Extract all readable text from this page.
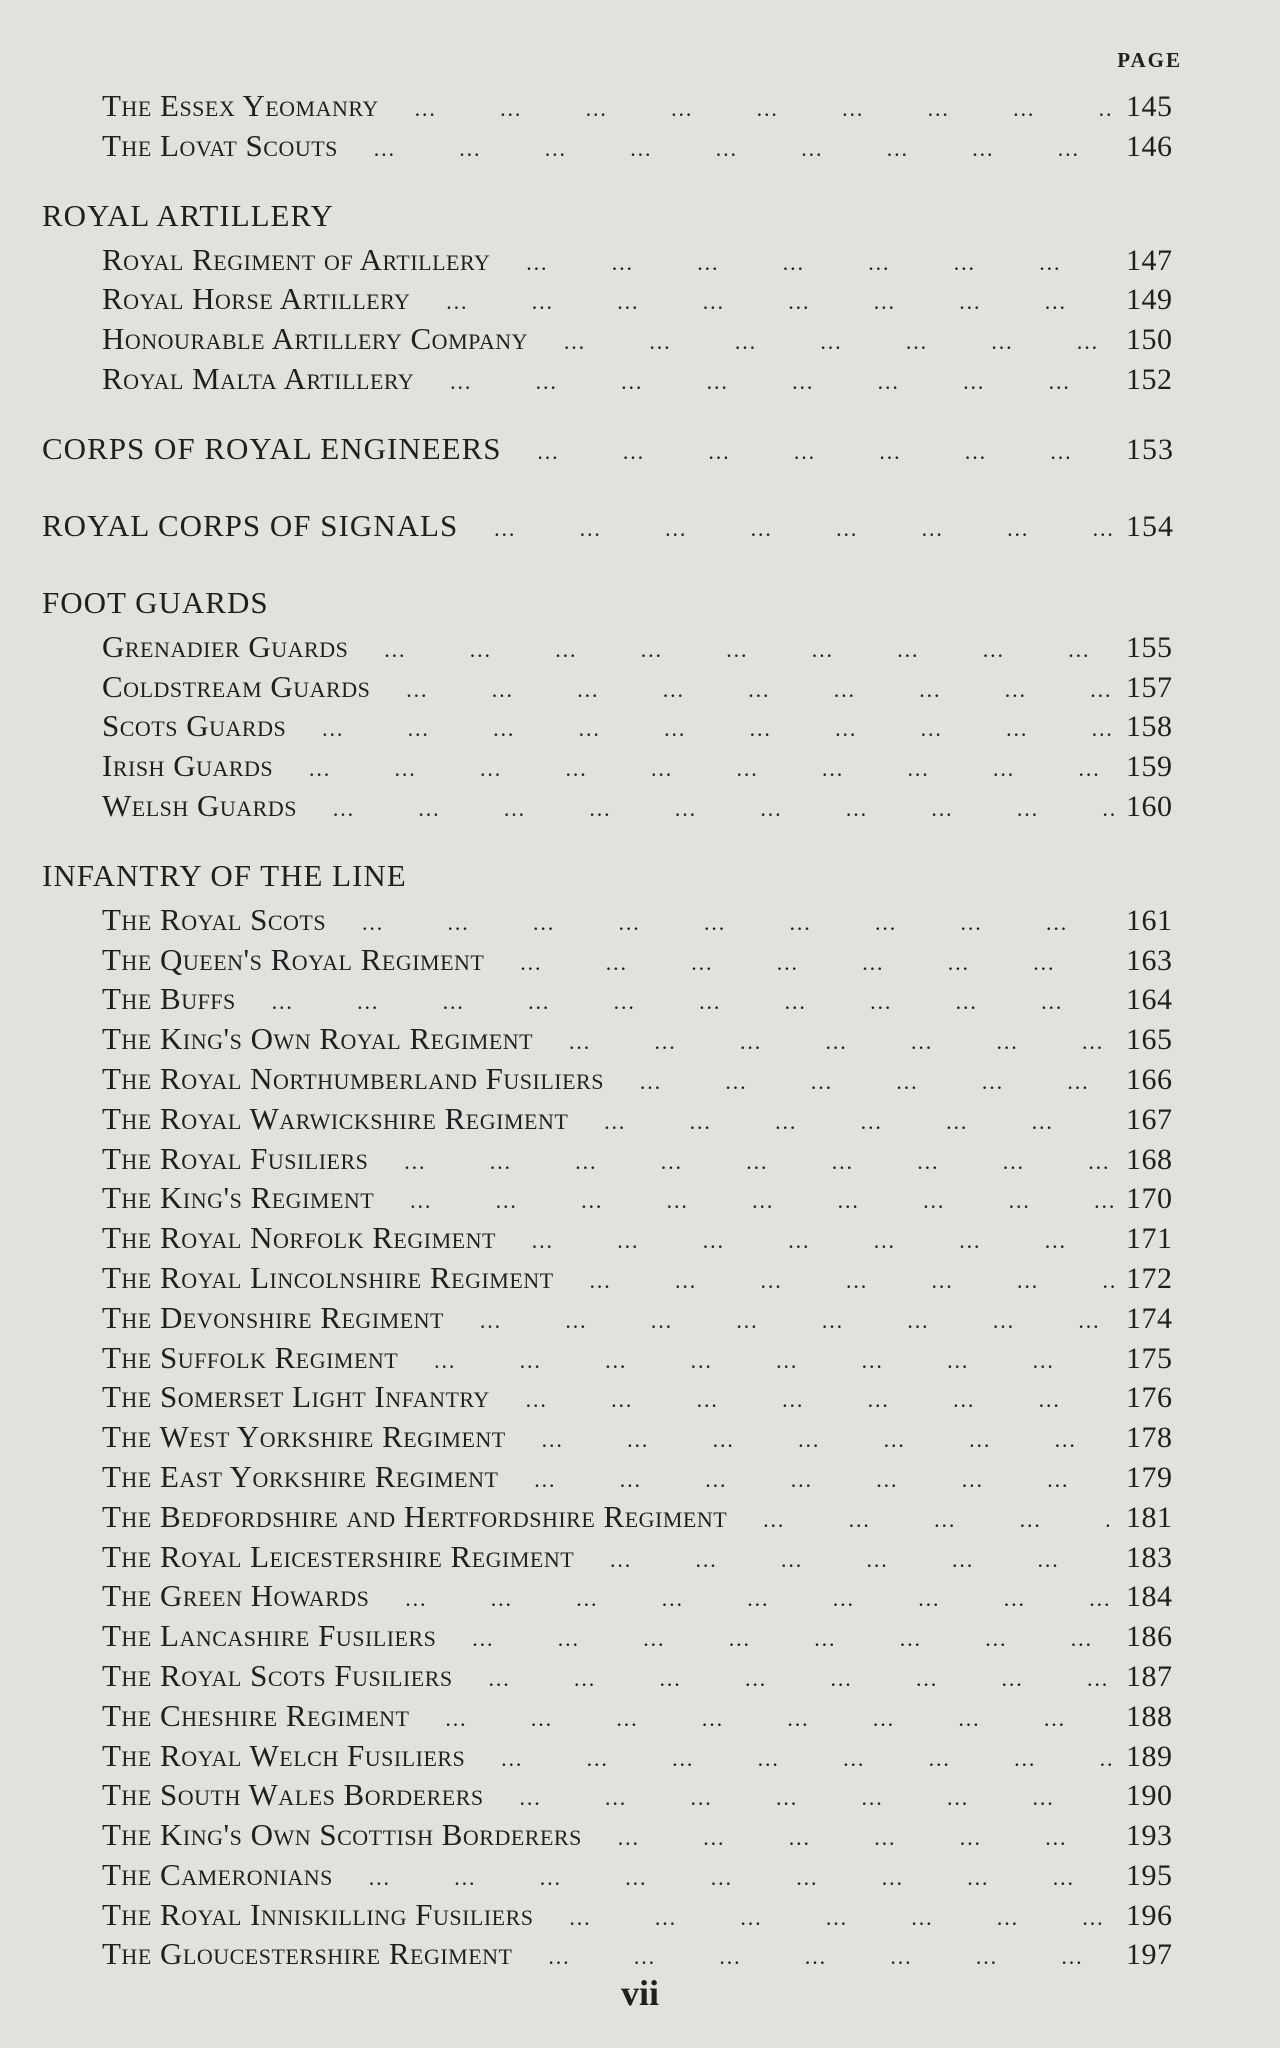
PAGE
The Essex Yeomanry …     …     …     …     …     …     …     …     …     …     …     …	145
The Lovat Scouts …     …     …     …     …     …     …     …     …     …     …     …	146
ROYAL ARTILLERY
Royal Regiment of Artillery …     …     …     …     …     …     …     …     …     …     …     …	147
Royal Horse Artillery …     …     …     …     …     …     …     …     …     …     …     …	149
Honourable Artillery Company …     …     …     …     …     …     …     …     …     …     …     …	150
Royal Malta Artillery …     …     …     …     …     …     …     …     …     …     …     …	152
CORPS OF ROYAL ENGINEERS …     …     …     …     …     …     …     …     …     …     …     …	153
ROYAL CORPS OF SIGNALS …     …     …     …     …     …     …     …     …     …     …     …	154
FOOT GUARDS
Grenadier Guards …     …     …     …     …     …     …     …     …     …     …     …	155
Coldstream Guards …     …     …     …     …     …     …     …     …     …     …     …	157
Scots Guards …     …     …     …     …     …     …     …     …     …     …     …	158
Irish Guards …     …     …     …     …     …     …     …     …     …     …     …	159
Welsh Guards …     …     …     …     …     …     …     …     …     …     …     …	160
INFANTRY OF THE LINE
The Royal Scots …     …     …     …     …     …     …     …     …     …     …     …	161
The Queen's Royal Regiment …     …     …     …     …     …     …     …     …     …     …     …	163
The Buffs …     …     …     …     …     …     …     …     …     …     …     …	164
The King's Own Royal Regiment …     …     …     …     …     …     …     …     …     …     …     …	165
The Royal Northumberland Fusiliers …     …     …     …     …     …     …     …     …     …     …     …	166
The Royal Warwickshire Regiment …     …     …     …     …     …     …     …     …     …     …     …	167
The Royal Fusiliers …     …     …     …     …     …     …     …     …     …     …     …	168
The King's Regiment …     …     …     …     …     …     …     …     …     …     …     …	170
The Royal Norfolk Regiment …     …     …     …     …     …     …     …     …     …     …     …	171
The Royal Lincolnshire Regiment …     …     …     …     …     …     …     …     …     …     …     …	172
The Devonshire Regiment …     …     …     …     …     …     …     …     …     …     …     …	174
The Suffolk Regiment …     …     …     …     …     …     …     …     …     …     …     …	175
The Somerset Light Infantry …     …     …     …     …     …     …     …     …     …     …     …	176
The West Yorkshire Regiment …     …     …     …     …     …     …     …     …     …     …     …	178
The East Yorkshire Regiment …     …     …     …     …     …     …     …     …     …     …     …	179
The Bedfordshire and Hertfordshire Regiment …     …     …     …     …     …     …     …     …     …     …     …	181
The Royal Leicestershire Regiment …     …     …     …     …     …     …     …     …     …     …     …	183
The Green Howards …     …     …     …     …     …     …     …     …     …     …     …	184
The Lancashire Fusiliers …     …     …     …     …     …     …     …     …     …     …     …	186
The Royal Scots Fusiliers …     …     …     …     …     …     …     …     …     …     …     …	187
The Cheshire Regiment …     …     …     …     …     …     …     …     …     …     …     …	188
The Royal Welch Fusiliers …     …     …     …     …     …     …     …     …     …     …     …	189
The South Wales Borderers …     …     …     …     …     …     …     …     …     …     …     …	190
The King's Own Scottish Borderers …     …     …     …     …     …     …     …     …     …     …     …	193
The Cameronians …     …     …     …     …     …     …     …     …     …     …     …	195
The Royal Inniskilling Fusiliers …     …     …     …     …     …     …     …     …     …     …     …	196
The Gloucestershire Regiment …     …     …     …     …     …     …     …     …     …     …     …	197
vii
